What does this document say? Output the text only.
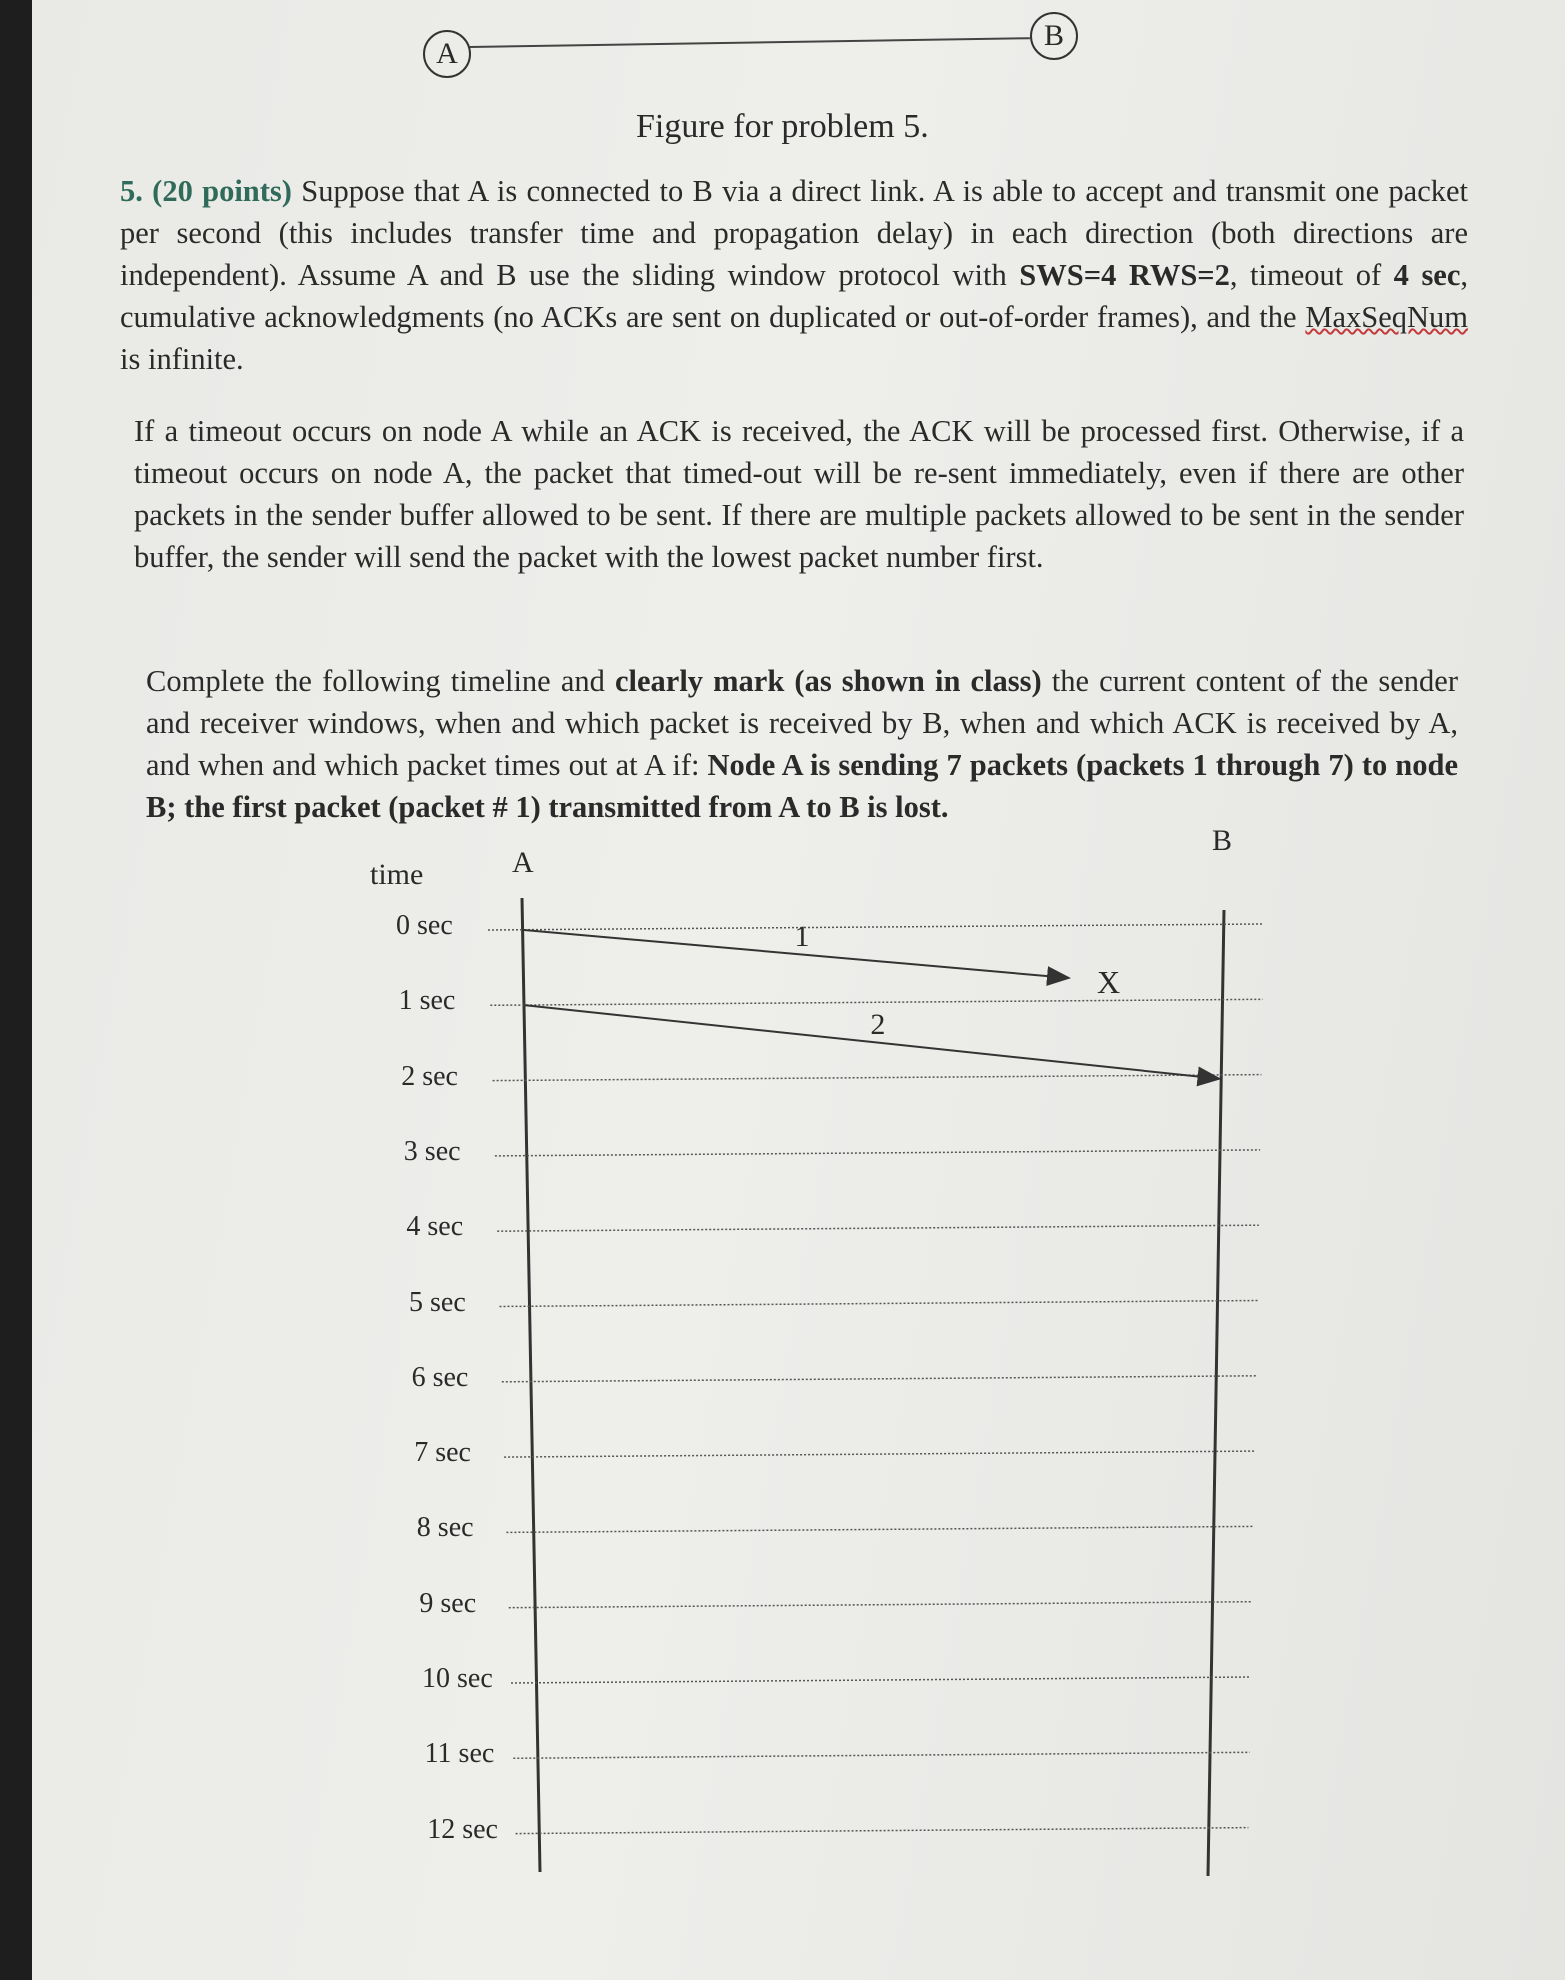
A
B
Figure for problem 5.
5. (20 points) Suppose that A is connected to B via a direct link. A is able to accept and transmit one packet per second (this includes transfer time and propagation delay) in each direction (both directions are independent). Assume A and B use the sliding window protocol with SWS=4 RWS=2, timeout of 4 sec, cumulative acknowledgments (no ACKs are sent on duplicated or out-of-order frames), and the MaxSeqNum is infinite.
If a timeout occurs on node A while an ACK is received, the ACK will be processed first. Otherwise, if a timeout occurs on node A, the packet that timed-out will be re-sent immediately, even if there are other packets in the sender buffer allowed to be sent. If there are multiple packets allowed to be sent in the sender buffer, the sender will send the packet with the lowest packet number first.
Complete the following timeline and clearly mark (as shown in class) the current content of the sender and receiver windows, when and which packet is received by B, when and which ACK is received by A, and when and which packet times out at A if: Node A is sending 7 packets (packets 1 through 7) to node B; the first packet (packet # 1) transmitted from A to B is lost.
time	A
B
1
X
2
0 sec
1 sec
2 sec
3 sec
4 sec
5 sec
6 sec
7 sec
8 sec
9 sec
10 sec
11 sec
12 sec
